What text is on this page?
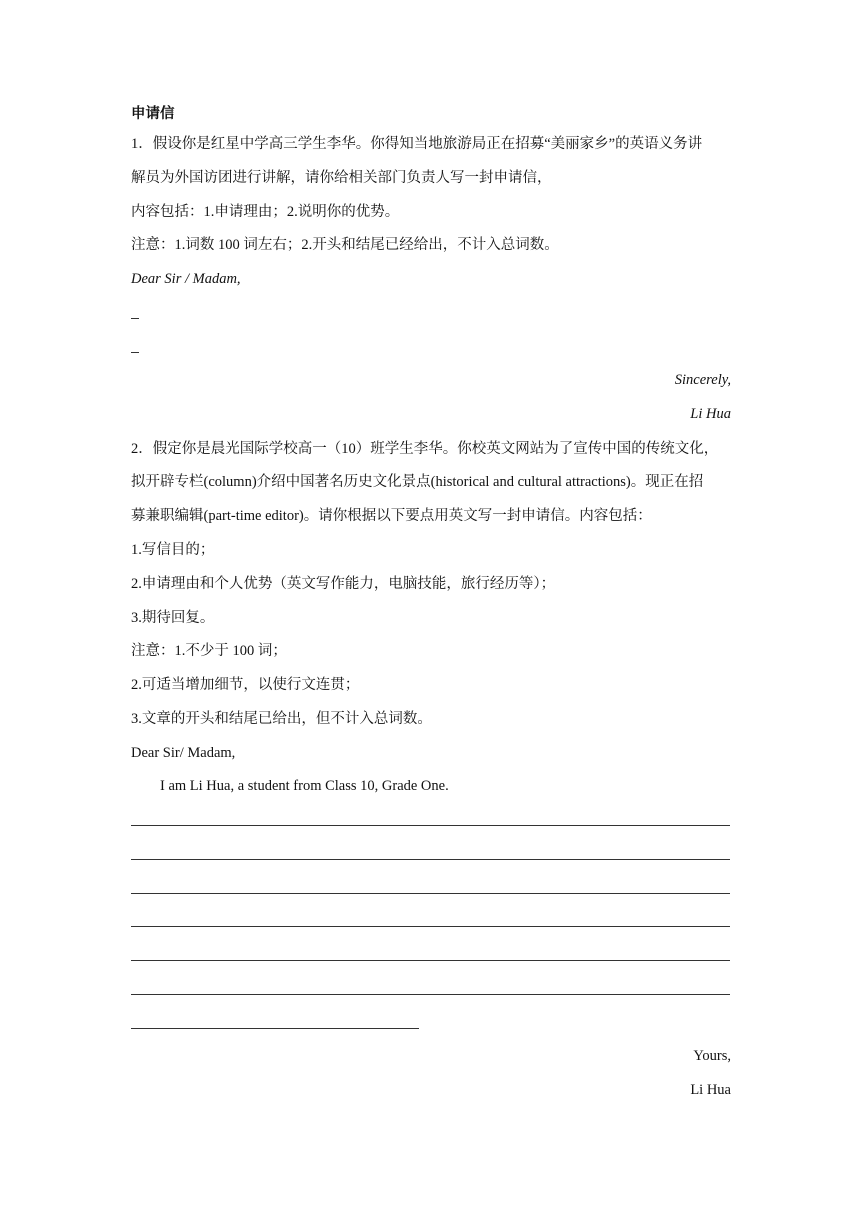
申请信
1．假设你是红星中学高三学生李华。你得知当地旅游局正在招募“美丽家乡”的英语义务讲
解员为外国访团进行讲解，请你给相关部门负责人写一封申请信，
内容包括：1.申请理由；2.说明你的优势。
注意：1.词数 100 词左右；2.开头和结尾已经给出，不计入总词数。
Dear Sir / Madam,
Sincerely,
Li Hua
2．假定你是晨光国际学校高一（10）班学生李华。你校英文网站为了宣传中国的传统文化，
拟开辟专栏(column)介绍中国著名历史文化景点(historical and cultural attractions)。现正在招
募兼职编辑(part-time editor)。请你根据以下要点用英文写一封申请信。内容包括：
1.写信目的；
2.申请理由和个人优势（英文写作能力，电脑技能，旅行经历等）；
3.期待回复。
注意：1.不少于 100 词；
2.可适当增加细节，以使行文连贯；
3.文章的开头和结尾已给出，但不计入总词数。
Dear Sir/ Madam,
I am Li Hua, a student from Class 10, Grade One.
Yours,
Li Hua
